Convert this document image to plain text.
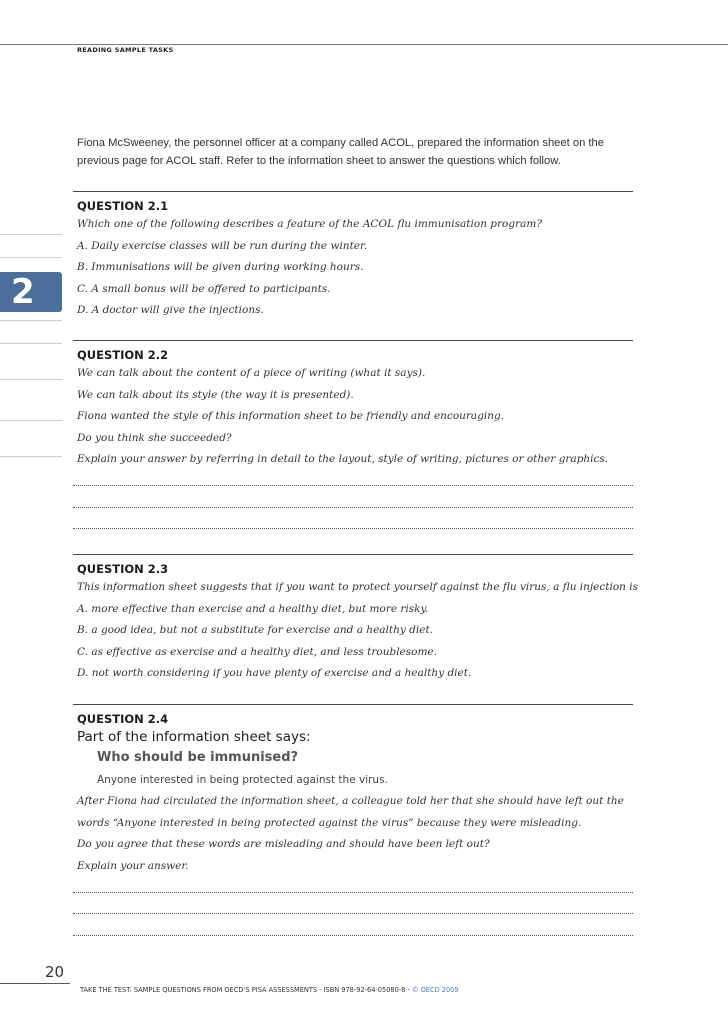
READING SAMPLE TASKS
Fiona McSweeney, the personnel officer at a company called ACOL, prepared the information sheet on the previous page for ACOL staff. Refer to the information sheet to answer the questions which follow.
2
QUESTION 2.1
Which one of the following describes a feature of the ACOL flu immunisation program?
A. Daily exercise classes will be run during the winter.
B. Immunisations will be given during working hours.
C. A small bonus will be offered to participants.
D. A doctor will give the injections.
QUESTION 2.2
We can talk about the content of a piece of writing (what it says).
We can talk about its style (the way it is presented).
Fiona wanted the style of this information sheet to be friendly and encouraging.
Do you think she succeeded?
Explain your answer by referring in detail to the layout, style of writing, pictures or other graphics.
QUESTION 2.3
This information sheet suggests that if you want to protect yourself against the flu virus, a flu injection is
A. more effective than exercise and a healthy diet, but more risky.
B. a good idea, but not a substitute for exercise and a healthy diet.
C. as effective as exercise and a healthy diet, and less troublesome.
D. not worth considering if you have plenty of exercise and a healthy diet.
QUESTION 2.4
Part of the information sheet says:
Who should be immunised?
Anyone interested in being protected against the virus.
After Fiona had circulated the information sheet, a colleague told her that she should have left out the
words “Anyone interested in being protected against the virus” because they were misleading.
Do you agree that these words are misleading and should have been left out?
Explain your answer.
20
TAKE THE TEST: SAMPLE QUESTIONS FROM OECD’S PISA ASSESSMENTS - ISBN 978-92-64-05080-8 - © OECD 2009
